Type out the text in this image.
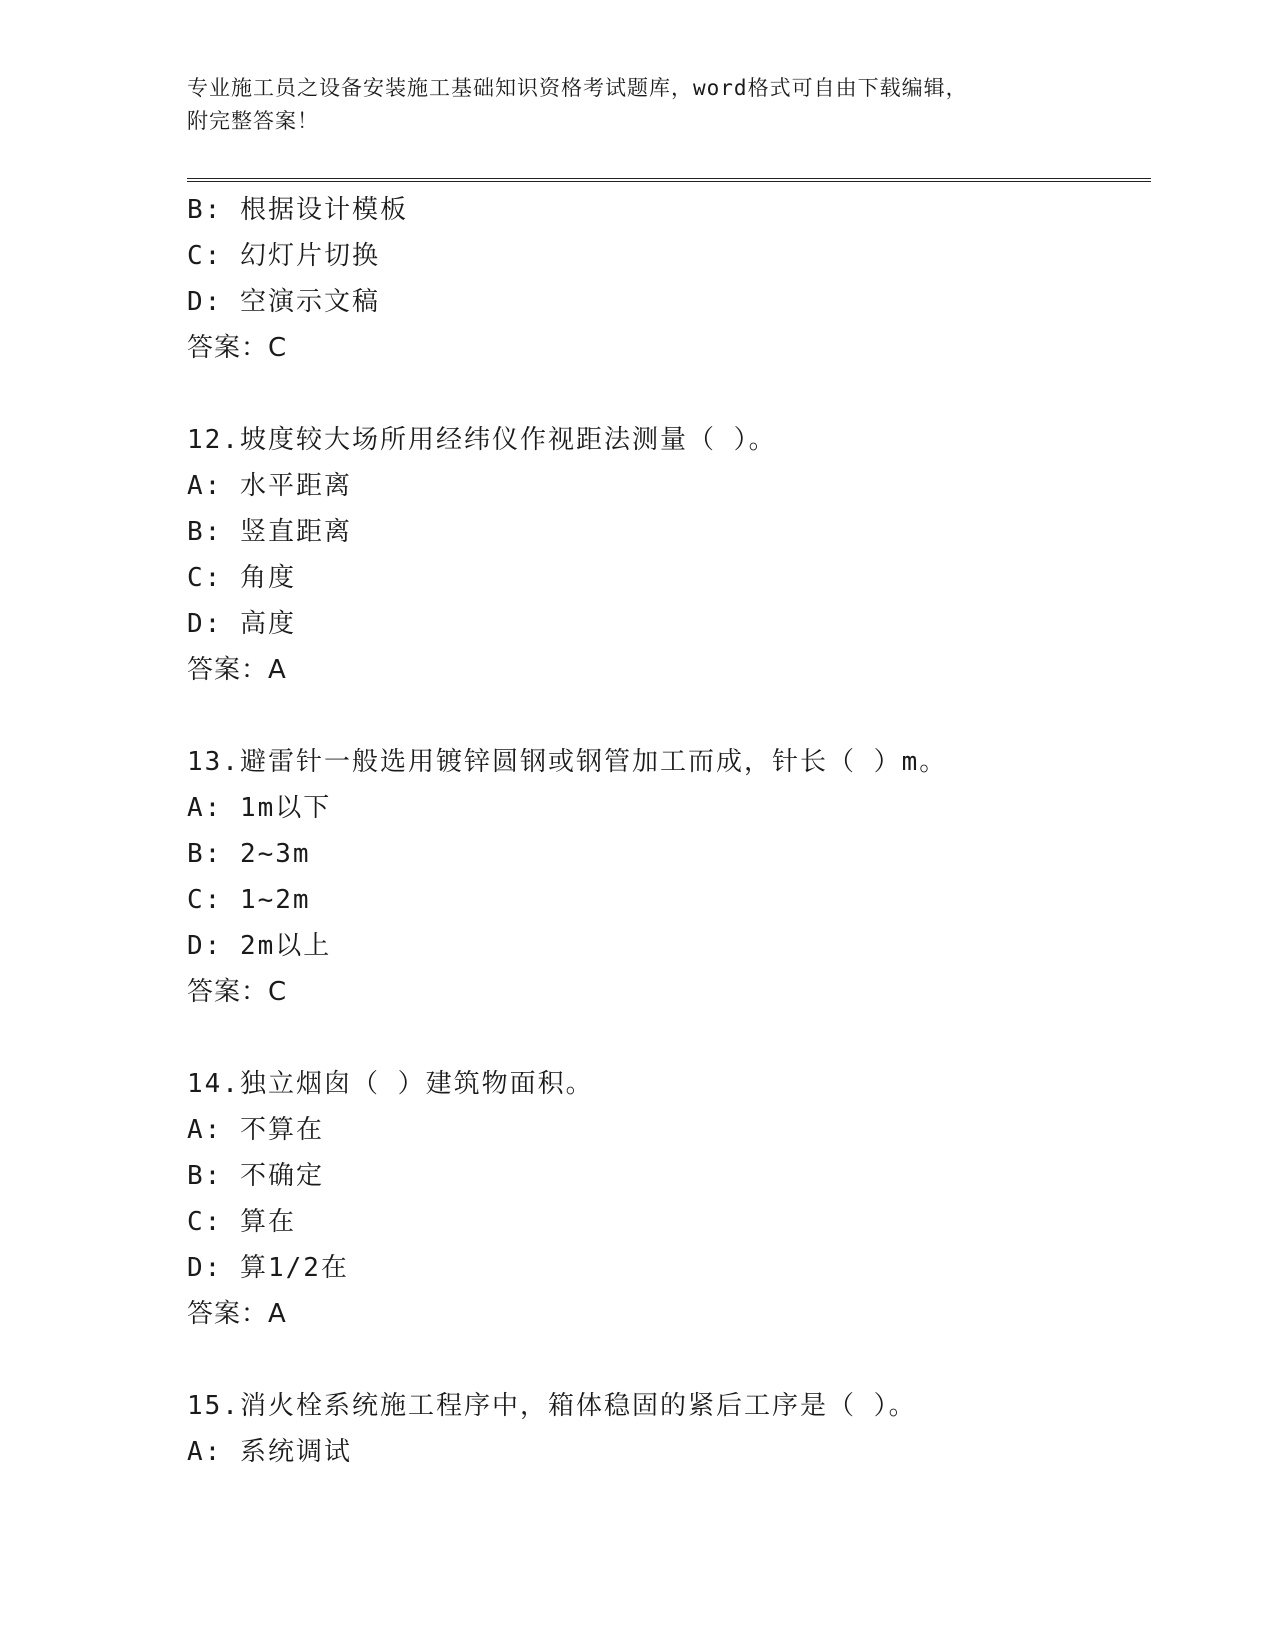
专业施工员之设备安装施工基础知识资格考试题库，word格式可自由下载编辑，
附完整答案！
B: 根据设计模板
C: 幻灯片切换
D: 空演示文稿
答案：C
12.坡度较大场所用经纬仪作视距法测量（ ）。
A: 水平距离
B: 竖直距离
C: 角度
D: 高度
答案：A
13.避雷针一般选用镀锌圆钢或钢管加工而成，针长（ ）m。
A: 1m以下
B: 2~3m
C: 1~2m
D: 2m以上
答案：C
14.独立烟囱（ ）建筑物面积。
A: 不算在
B: 不确定
C: 算在
D: 算1/2在
答案：A
15.消火栓系统施工程序中，箱体稳固的紧后工序是（ ）。
A: 系统调试
